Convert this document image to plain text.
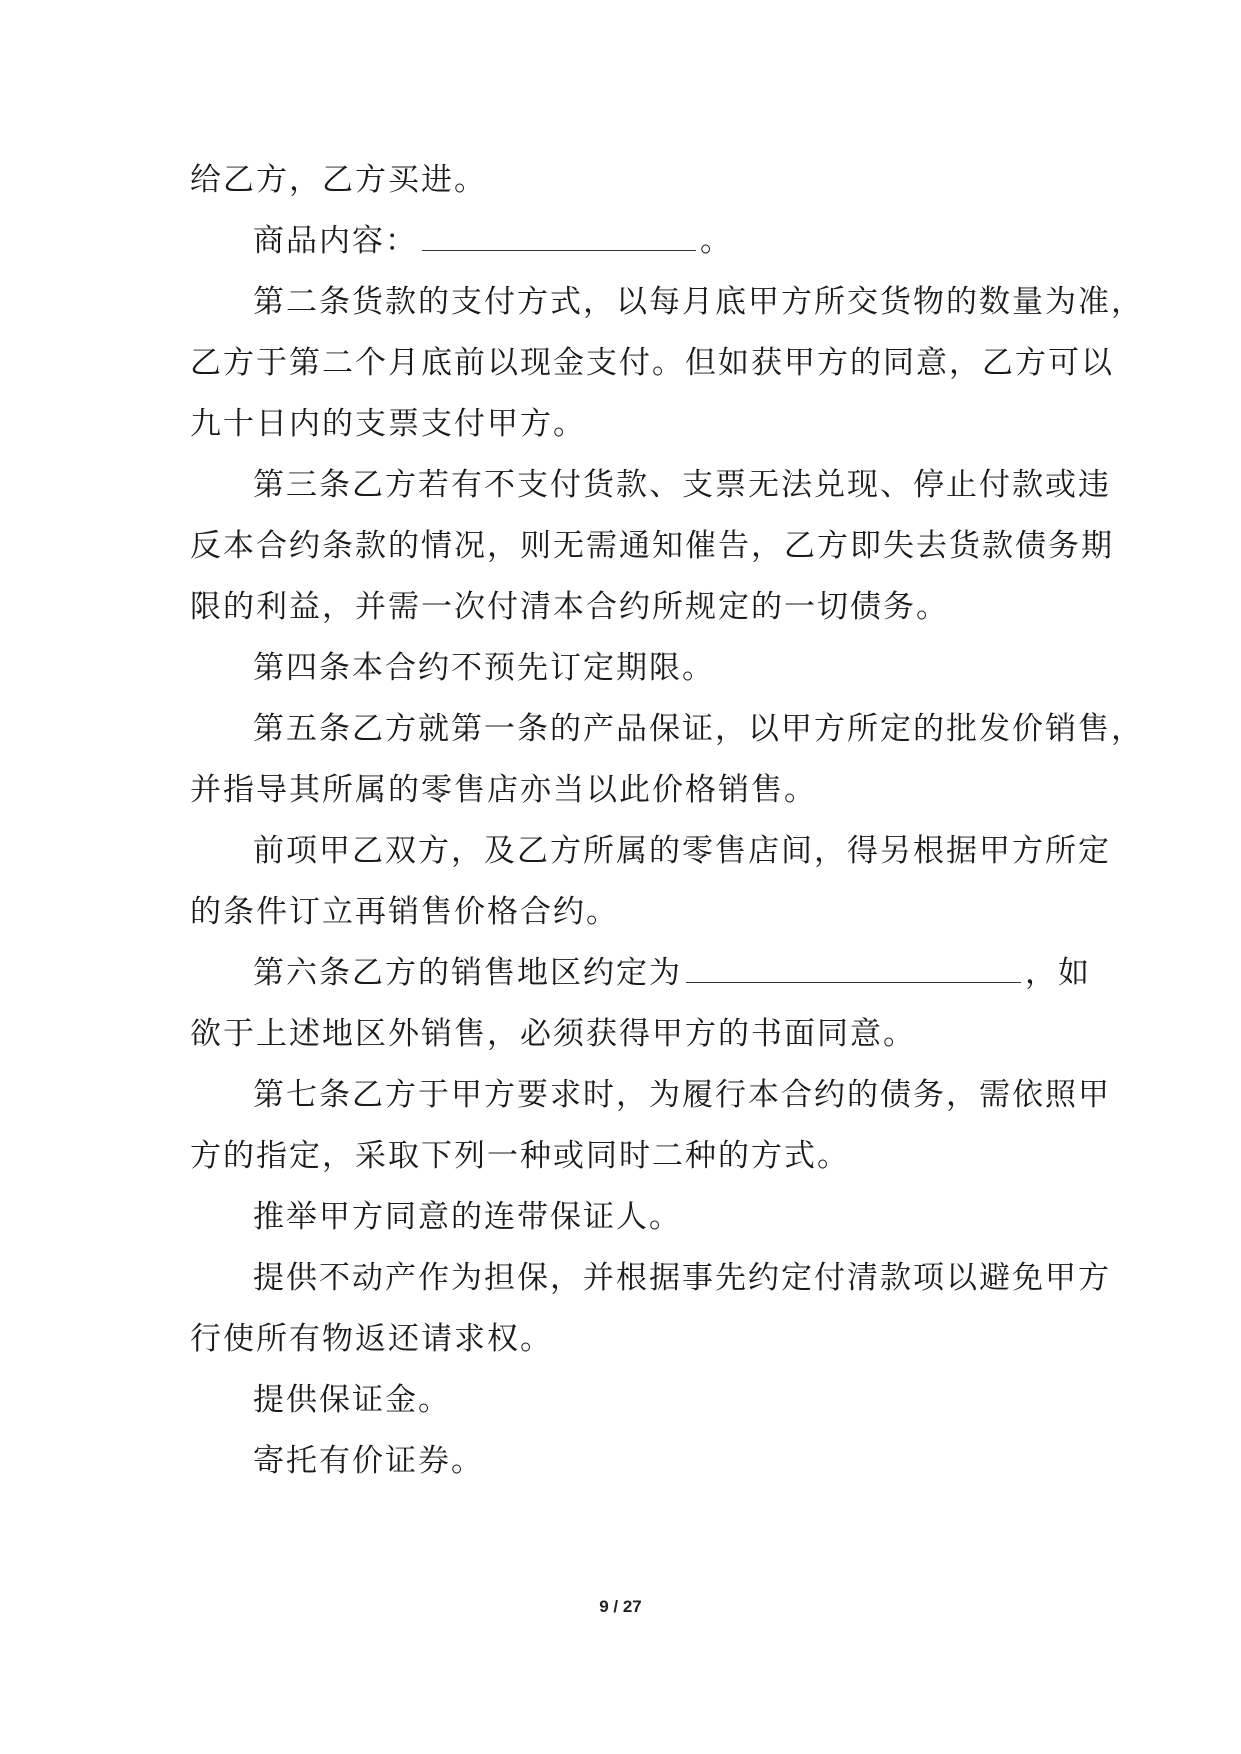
给乙方，乙方买进。
商品内容：	。
第二条货款的支付方式，以每月底甲方所交货物的数量为准，
乙方于第二个月底前以现金支付。但如获甲方的同意，乙方可以
九十日内的支票支付甲方。
第三条乙方若有不支付货款、支票无法兑现、停止付款或违
反本合约条款的情况，则无需通知催告，乙方即失去货款债务期
限的利益，并需一次付清本合约所规定的一切债务。
第四条本合约不预先订定期限。
第五条乙方就第一条的产品保证，以甲方所定的批发价销售，
并指导其所属的零售店亦当以此价格销售。
前项甲乙双方，及乙方所属的零售店间，得另根据甲方所定
的条件订立再销售价格合约。
第六条乙方的销售地区约定为	，如
欲于上述地区外销售，必须获得甲方的书面同意。
第七条乙方于甲方要求时，为履行本合约的债务，需依照甲
方的指定，采取下列一种或同时二种的方式。
推举甲方同意的连带保证人。
提供不动产作为担保，并根据事先约定付清款项以避免甲方
行使所有物返还请求权。
提供保证金。
寄托有价证券。
9 / 27
